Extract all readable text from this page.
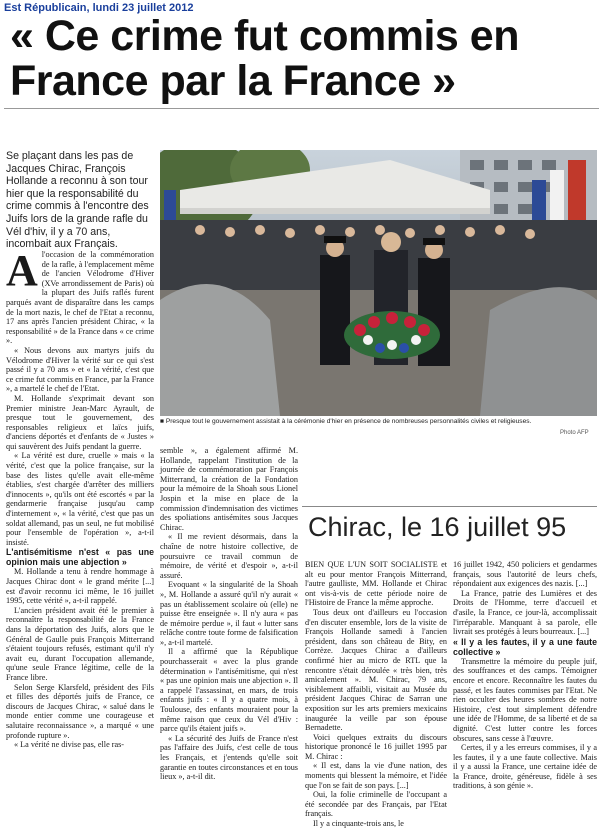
Est Républicain, lundi 23 juillet 2012
« Ce crime fut commis en France par la France »
Se plaçant dans les pas de Jacques Chirac, François Hollande a reconnu à son tour hier que la responsabilité du crime commis à l'encontre des Juifs lors de la grande rafle du Vél d'hiv, il y a 70 ans, incombait aux Français.
■ Presque tout le gouvernement assistait à la cérémonie d'hier en présence de nombreuses personnalités civiles et religieuses.
Photo AFP
A l'occasion de la commémoration de la rafle, à l'emplacement même de l'ancien Vélodrome d'Hiver (XVe arrondissement de Paris) où la plupart des Juifs raflés furent parqués avant de disparaître dans les camps de la mort nazis, le chef de l'Etat a reconnu, 17 ans après l'ancien président Chirac, « la responsabilité » de la France dans « ce crime ».

« Nous devons aux martyrs juifs du Vélodrome d'Hiver la vérité sur ce qui s'est passé il y a 70 ans » et « la vérité, c'est que ce crime fut commis en France, par la France », a martelé le chef de l'Etat.

M. Hollande s'exprimait devant son Premier ministre Jean-Marc Ayrault, de presque tout le gouvernement, des responsables religieux et laïcs juifs, d'anciens déportés et d'enfants de « Justes » qui sauvèrent des Juifs pendant la guerre.

« La vérité est dure, cruelle » mais « la vérité, c'est que la police française, sur la base des listes qu'elle avait elle-même établies, s'est chargée d'arrêter des milliers d'innocents », qu'ils ont été escortés « par la gendarmerie française jusqu'au camp d'internement », « la vérité, c'est que pas un soldat allemand, pas un seul, ne fut mobilisé pour l'ensemble de l'opération », a-t-il insisté.

L'antisémitisme n'est « pas une opinion mais une abjection »

M. Hollande a tenu à rendre hommage à Jacques Chirac dont « le grand mérite [...] est d'avoir reconnu ici même, le 16 juillet 1995, cette vérité », a-t-il rappelé.

L'ancien président avait été le premier à reconnaître la responsabilité de la France dans la déportation des Juifs, alors que le Général de Gaulle puis François Mitterrand s'étaient toujours refusés, estimant qu'il n'y avait eu, durant l'occupation allemande, qu'une seule France légitime, celle de la France libre.

Selon Serge Klarsfeld, président des Fils et filles des déportés juifs de France, ce discours de Jacques Chirac, « salué dans le monde entier comme une courageuse et salutaire reconnaissance », a marqué « une profonde rupture ».

« La vérité ne divise pas, elle ras-

semble », a également affirmé M. Hollande, rappelant l'institution de la journée de commémoration par François Mitterrand, la création de la Fondation pour la mémoire de la Shoah sous Lionel Jospin et la mise en place de la commission d'indemnisation des victimes des spoliations antisémites sous Jacques Chirac.

« Il me revient désormais, dans la chaîne de notre histoire collective, de poursuivre ce travail commun de mémoire, de vérité et d'espoir », a-t-il assuré.

Evoquant « la singularité de la Shoah », M. Hollande a assuré qu'il n'y aurait « pas un établissement scolaire où (elle) ne puisse être enseignée ». Il n'y aura « pas de mémoire perdue », il faut « lutter sans relâche contre toute forme de falsification », a-t-il martelé.

Il a affirmé que la République pourchasserait « avec la plus grande détermination » l'antisémitisme, qui n'est « pas une opinion mais une abjection ». Il a rappelé l'assassinat, en mars, de trois enfants juifs : « Il y a quatre mois, à Toulouse, des enfants mouraient pour la même raison que ceux du Vél d'Hiv : parce qu'ils étaient juifs ».

« La sécurité des Juifs de France n'est pas l'affaire des Juifs, c'est celle de tous les Français, et j'entends qu'elle soit garantie en toutes circonstances et en tous lieux », a-t-il dit.

Chirac, le 16 juillet 95

BIEN QUE L'UN SOIT SOCIALISTE et alt eu pour mentor François Mitterrand, l'autre gaulliste, MM. Hollande et Chirac ont vis-à-vis de cette période noire de l'Histoire de France la même approche.

Tous deux ont d'ailleurs eu l'occasion d'en discuter ensemble, lors de la visite de François Hollande samedi à l'ancien président, dans son château de Bity, en Corrèze. Jacques Chirac a d'ailleurs confirmé hier au micro de RTL que la rencontre s'était déroulée « très bien, très amicalement ». M. Chirac, 79 ans, visiblement affaibli, visitait au Musée du président Jacques Chirac de Sarran une exposition sur les arts premiers mexicains inaugurée la veille par son épouse Bernadette.

Voici quelques extraits du discours historique prononcé le 16 juillet 1995 par M. Chirac :

« Il est, dans la vie d'une nation, des moments qui blessent la mémoire, et l'idée que l'on se fait de son pays. [...]

Oui, la folie criminelle de l'occupant a été secondée par des Français, par l'Etat français.

Il y a cinquante-trois ans, le

16 juillet 1942, 450 policiers et gendarmes français, sous l'autorité de leurs chefs, répondaient aux exigences des nazis. [...]

La France, patrie des Lumières et des Droits de l'Homme, terre d'accueil et d'asile, la France, ce jour-là, accomplissait l'irréparable. Manquant à sa parole, elle livrait ses protégés à leurs bourreaux. [...]

« Il y a les fautes, il y a une faute collective »

Transmettre la mémoire du peuple juif, des souffrances et des camps. Témoigner encore et encore. Reconnaître les fautes du passé, et les fautes commises par l'Etat. Ne rien occulter des heures sombres de notre Histoire, c'est tout simplement défendre une idée de l'Homme, de sa liberté et de sa dignité. C'est lutter contre les forces obscures, sans cesse à l'œuvre.

Certes, il y a les erreurs commises, il y a les fautes, il y a une faute collective. Mais il y a aussi la France, une certaine idée de la France, droite, généreuse, fidèle à ses traditions, à son génie ».
